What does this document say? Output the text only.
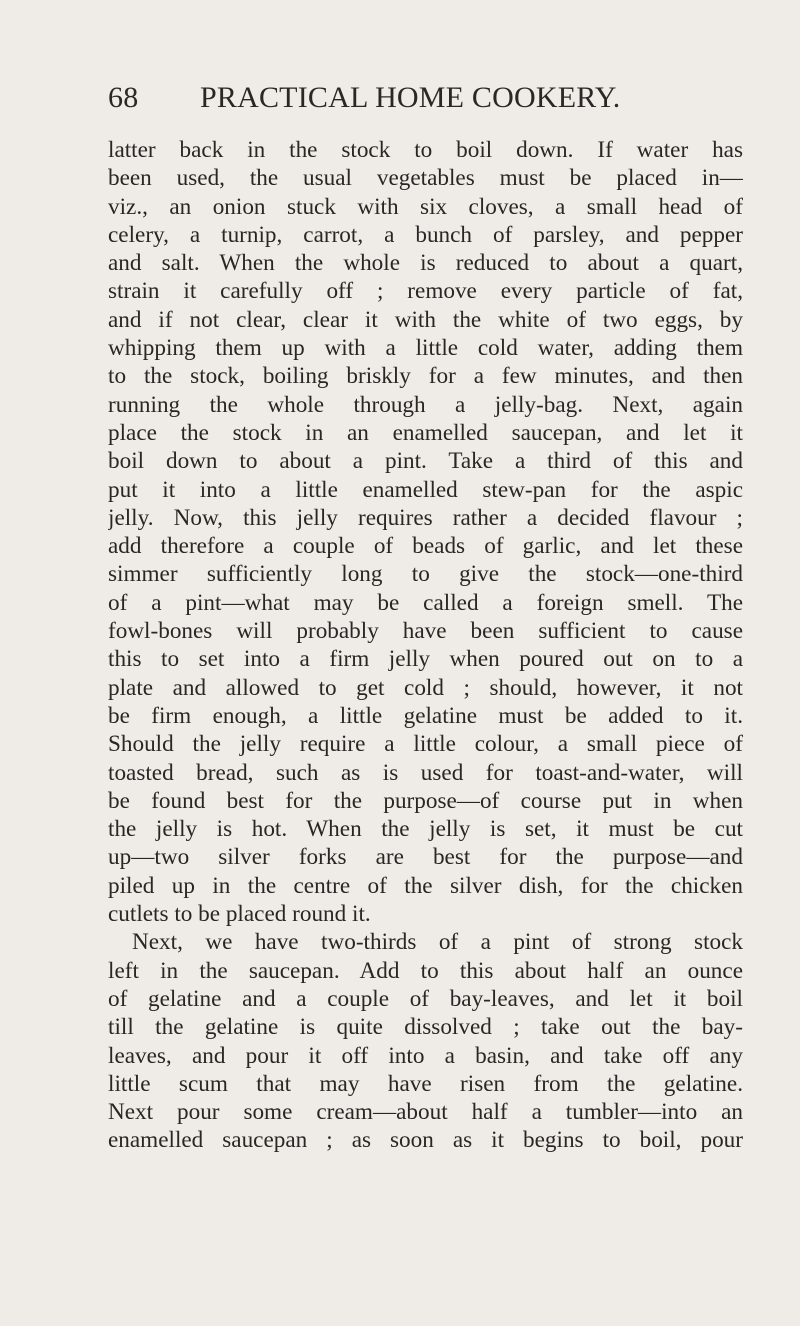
68 PRACTICAL HOME COOKERY.
latter back in the stock to boil down. If water has
been used, the usual vegetables must be placed in—
viz., an onion stuck with six cloves, a small head of
celery, a turnip, carrot, a bunch of parsley, and pepper
and salt. When the whole is reduced to about a quart,
strain it carefully off ; remove every particle of fat,
and if not clear, clear it with the white of two eggs, by
whipping them up with a little cold water, adding them
to the stock, boiling briskly for a few minutes, and then
running the whole through a jelly-bag. Next, again
place the stock in an enamelled saucepan, and let it
boil down to about a pint. Take a third of this and
put it into a little enamelled stew-pan for the aspic
jelly. Now, this jelly requires rather a decided flavour ;
add therefore a couple of beads of garlic, and let these
simmer sufficiently long to give the stock—one-third
of a pint—what may be called a foreign smell. The
fowl-bones will probably have been sufficient to cause
this to set into a firm jelly when poured out on to a
plate and allowed to get cold ; should, however, it not
be firm enough, a little gelatine must be added to it.
Should the jelly require a little colour, a small piece of
toasted bread, such as is used for toast-and-water, will
be found best for the purpose—of course put in when
the jelly is hot. When the jelly is set, it must be cut
up—two silver forks are best for the purpose—and
piled up in the centre of the silver dish, for the chicken
cutlets to be placed round it.
Next, we have two-thirds of a pint of strong stock
left in the saucepan. Add to this about half an ounce
of gelatine and a couple of bay-leaves, and let it boil
till the gelatine is quite dissolved ; take out the bay-
leaves, and pour it off into a basin, and take off any
little scum that may have risen from the gelatine.
Next pour some cream—about half a tumbler—into an
enamelled saucepan ; as soon as it begins to boil, pour
